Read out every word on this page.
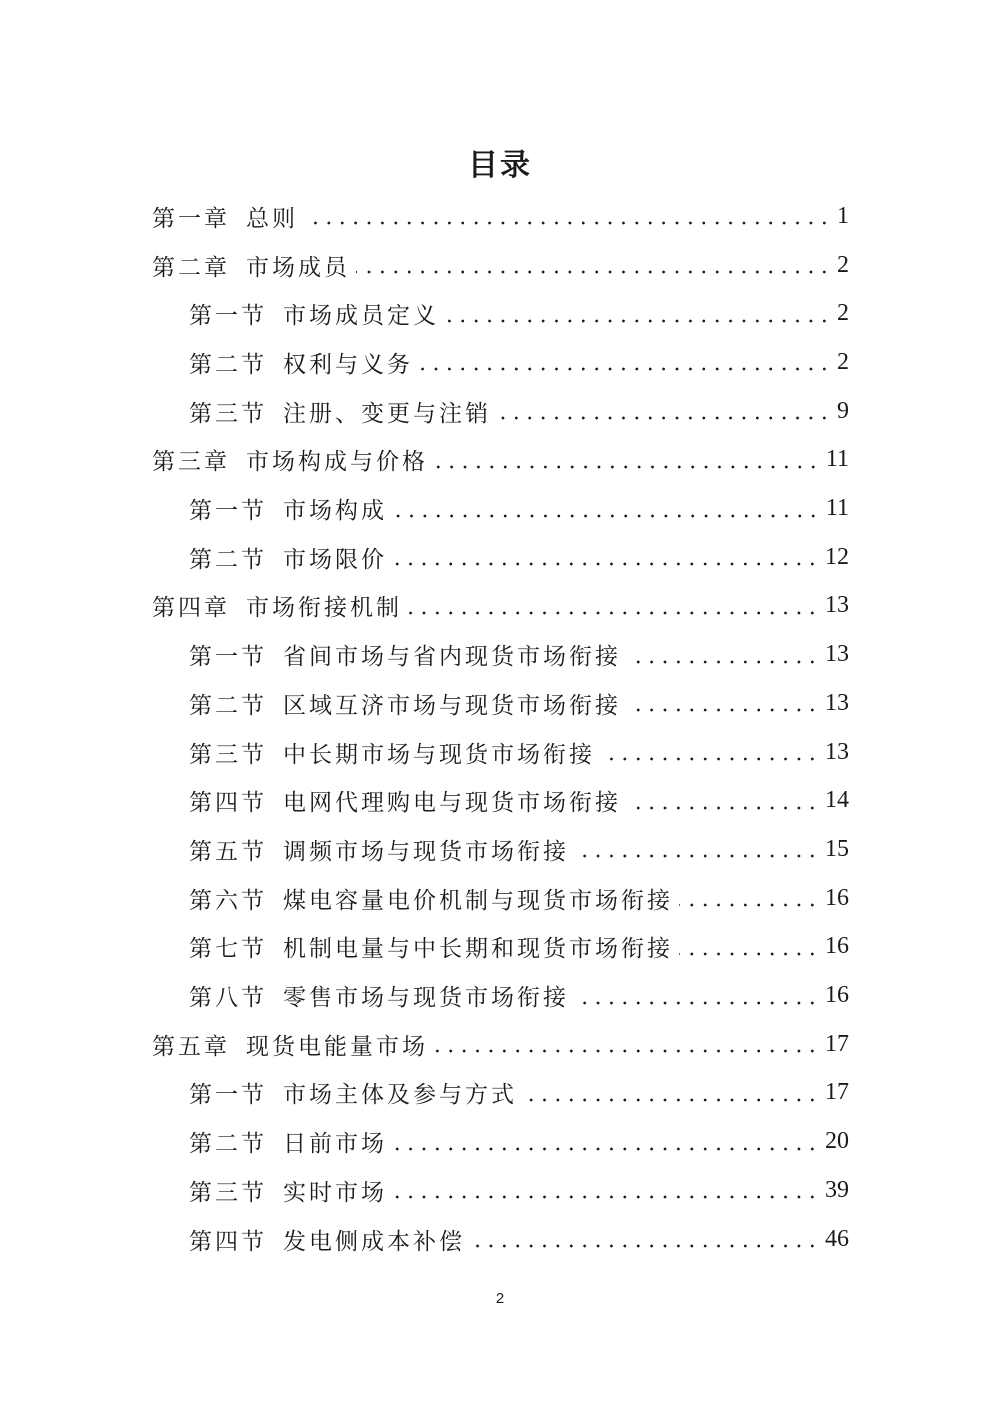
目录
第一章 总则	1
第二章 市场成员	2
第一节 市场成员定义	2
第二节 权利与义务	2
第三节 注册、变更与注销	9
第三章 市场构成与价格	11
第一节 市场构成	11
第二节 市场限价	12
第四章 市场衔接机制	13
第一节 省间市场与省内现货市场衔接	13
第二节 区域互济市场与现货市场衔接	13
第三节 中长期市场与现货市场衔接	13
第四节 电网代理购电与现货市场衔接	14
第五节 调频市场与现货市场衔接	15
第六节 煤电容量电价机制与现货市场衔接	16
第七节 机制电量与中长期和现货市场衔接	16
第八节 零售市场与现货市场衔接	16
第五章 现货电能量市场	17
第一节 市场主体及参与方式	17
第二节 日前市场	20
第三节 实时市场	39
第四节 发电侧成本补偿	46
2
